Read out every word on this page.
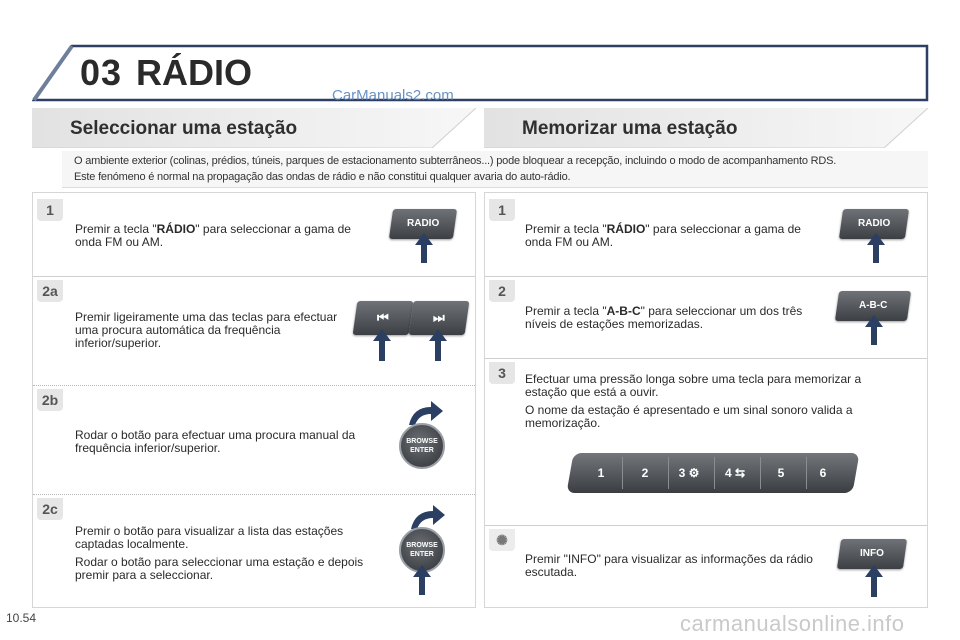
03 RÁDIO
CarManuals2.com
Seleccionar uma estação	Memorizar uma estação

O ambiente exterior (colinas, prédios, túneis, parques de estacionamento subterrâneos...) pode bloquear a recepção, incluindo o modo de acompanhamento RDS.

Este fenómeno é normal na propagação das ondas de rádio e não constitui qualquer avaria do auto-rádio.

1
Premir a tecla "RÁDIO" para seleccionar a gama de onda FM ou AM.
RADIO
2a
Premir ligeiramente uma das teclas para efectuar uma procura automática da frequência inferior/superior.
⏮	⏭
2b
Rodar o botão para efectuar uma procura manual da frequência inferior/superior.	BROWSE
ENTER
2c

Premir o botão para visualizar a lista das estações captadas localmente.

Rodar o botão para seleccionar uma estação e depois premir para a seleccionar.

BROWSE
ENTER
1
Premir a tecla "RÁDIO" para seleccionar a gama de onda FM ou AM.
RADIO
2
Premir a tecla "A-B-C" para seleccionar um dos três níveis de estações memorizadas.
A-B-C
3	Efectuar uma pressão longa sobre uma tecla para memorizar a estação que está a ouvir.

O nome da estação é apresentado e um sinal sonoro valida a memorização.

✺
Premir "INFO" para visualizar as informações da rádio escutada.
INFO
1	2	3 ⚙	4 ⇆	5	6
10.54	carmanualsonline.info
